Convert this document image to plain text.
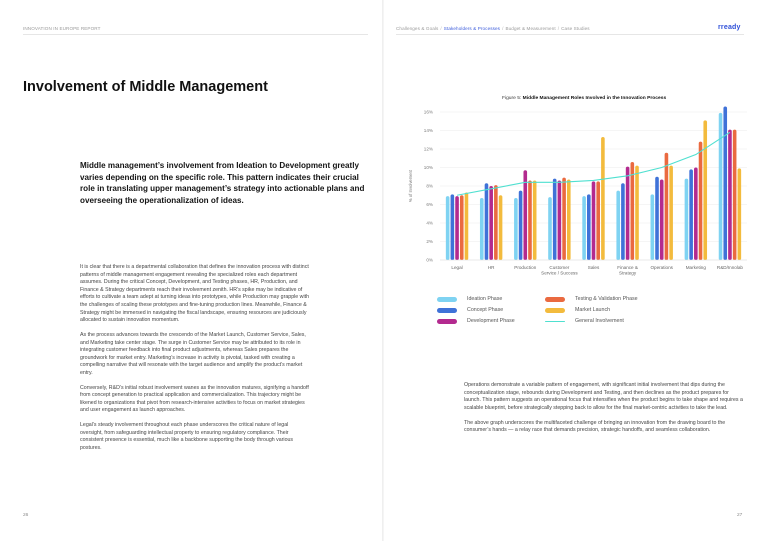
INNOVATION IN EUROPE REPORT	Challenges & Goals / Stakeholders & Processes / Budget & Measurement / Case Studies	rready
Involvement of Middle Management

Middle management’s involvement from Ideation to Development greatly varies depending on the specific role. This pattern indicates their crucial role in translating upper management’s strategy into actionable plans and overseeing the operationalization of ideas.

It is clear that there is a departmental collaboration that defines the innovation process with distinct patterns of middle management engagement revealing the specialized roles each department assumes. During the critical Concept, Development, and Testing phases, HR, Production, and Finance & Strategy departments reach their involvement zenith. HR’s spike may be indicative of efforts to cultivate a team adept at turning ideas into prototypes, while Production may grapple with the challenges of scaling these prototypes and fine-tuning production lines. Meanwhile, Finance & Strategy might be immersed in navigating the fiscal landscape, ensuring resources are judiciously allocated to sustain innovation momentum.

As the process advances towards the crescendo of the Market Launch, Customer Service, Sales, and Marketing take center stage. The surge in Customer Service may be attributed to its role in integrating customer feedback into final product adjustments, whereas Sales prepares the groundwork for market entry. Marketing’s increase in activity is pivotal, tasked with creating a compelling narrative that will resonate with the target audience and amplify the product’s market entry.

Conversely, R&D’s initial robust involvement wanes as the innovation matures, signifying a handoff from concept generation to practical application and commercialization. This trajectory might be likened to organizations that pivot from research-intensive activities to focus on market strategies and user engagement as launch approaches.

Legal’s steady involvement throughout each phase underscores the critical nature of legal oversight, from safeguarding intellectual property to ensuring regulatory compliance. Their consistent presence is essential, much like a backbone supporting the body through various postures.

26
Figure 5: Middle Management Roles Involved in the Innovation Process
0%
2%
4%
6%
8%
10%
12%
14%
16%
% of Involvement
Legal	HR	Production	Customer
Service / Success
Sales	Finance &
Strategy
Operations	Marketing R&D/Innolab
Ideation Phase
Concept Phase
Development Phase
Testing & Validation Phase
Market Launch
General Involvement

Operations demonstrate a variable pattern of engagement, with significant initial involvement that dips during the conceptualization stage, rebounds during Development and Testing, and then declines as the product prepares for launch. This pattern suggests an operational focus that intensifies when the product begins to take shape and requires a scalable blueprint, before strategically stepping back to allow for the final market-centric activities to take the lead.

The above graph underscores the multifaceted challenge of bringing an innovation from the drawing board to the consumer’s hands — a relay race that demands precision, strategic handoffs, and seamless collaboration.

27
